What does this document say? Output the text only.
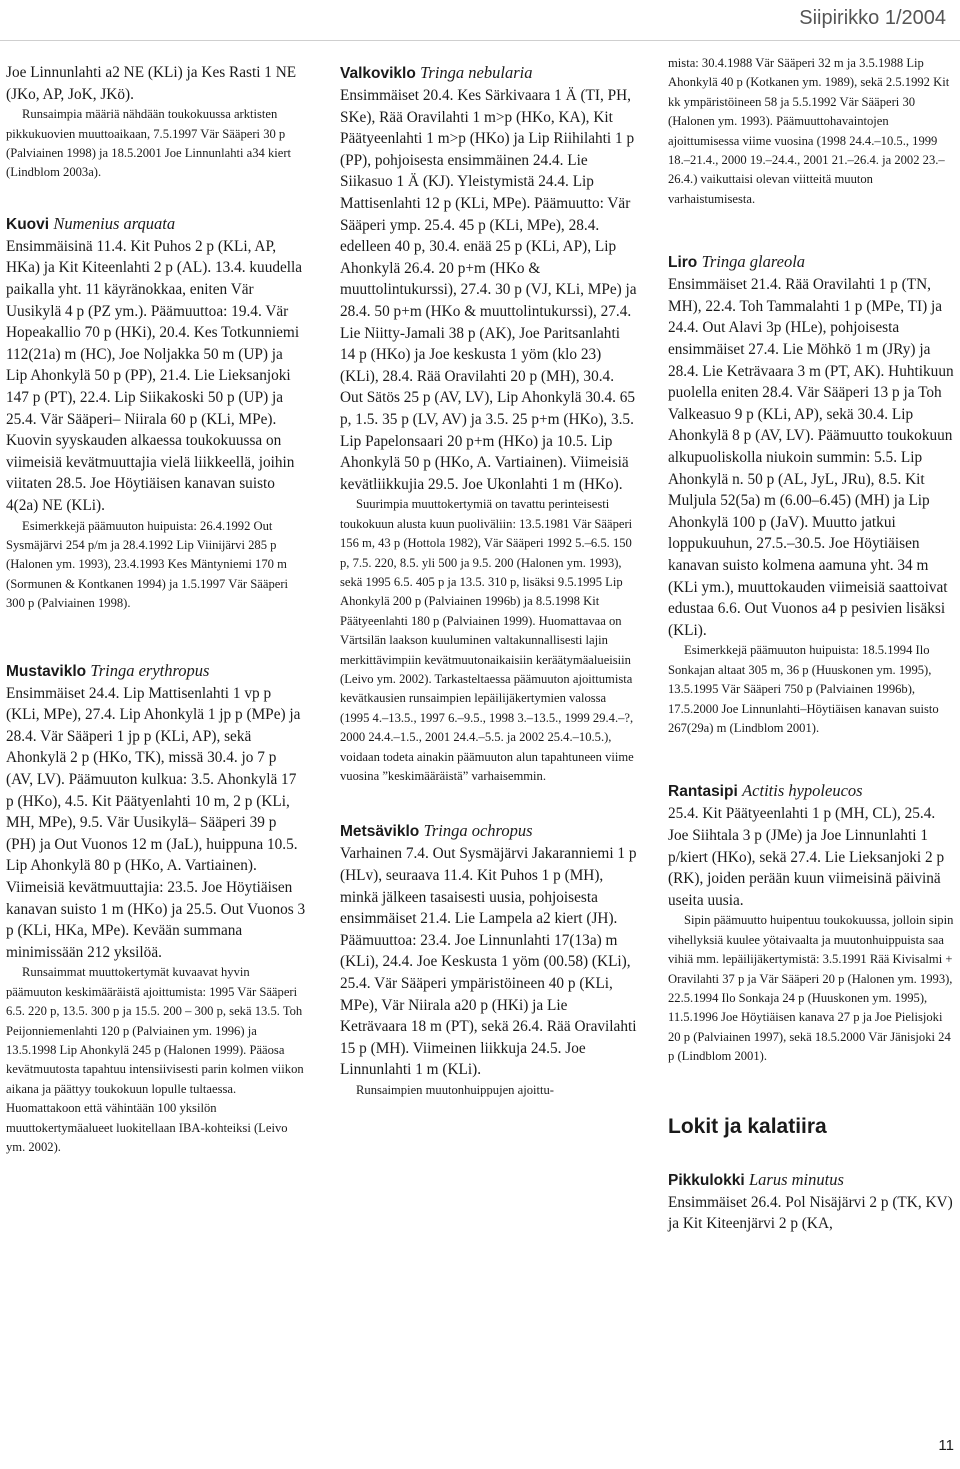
Siipirikko 1/2004

Joe Linnunlahti a2 NE (KLi) ja Kes Rasti 1 NE (JKo, AP, JoK, JKö).

Runsaimpia määriä nähdään toukokuussa arktisten pikkukuovien muuttoaikaan, 7.5.1997 Vär Sääperi 30 p (Palviainen 1998) ja 18.5.2001 Joe Linnunlahti a34 kiert (Lindblom 2003a).

Kuovi Numenius arquata

Ensimmäisinä 11.4. Kit Puhos 2 p (KLi, AP, HKa) ja Kit Kiteenlahti 2 p (AL). 13.4. kuudella paikalla yht. 11 käyränokkaa, eniten Vär Uusikylä 4 p (PZ ym.). Päämuuttoa: 19.4. Vär Hopeakallio 70 p (HKi), 20.4. Kes Totkunniemi 112(21a) m (HC), Joe Noljakka 50 m (UP) ja Lip Ahonkylä 50 p (PP), 21.4. Lie Lieksanjoki 147 p (PT), 22.4. Lip Siikakoski 50 p (UP) ja 25.4. Vär Sääperi– Niirala 60 p (KLi, MPe). Kuovin syyskauden alkaessa toukokuussa on viimeisiä kevätmuuttajia vielä liikkeellä, joihin viitaten 28.5. Joe Höytiäisen kanavan suisto 4(2a) NE (KLi).

Esimerkkejä päämuuton huipuista: 26.4.1992 Out Sysmäjärvi 254 p/m ja 28.4.1992 Lip Viinijärvi 285 p (Halonen ym. 1993), 23.4.1993 Kes Mäntyniemi 170 m (Sormunen & Kontkanen 1994) ja 1.5.1997 Vär Sääperi 300 p (Palviainen 1998).

Mustaviklo Tringa erythropus

Ensimmäiset 24.4. Lip Mattisenlahti 1 vp p (KLi, MPe), 27.4. Lip Ahonkylä 1 jp p (MPe) ja 28.4. Vär Sääperi 1 jp p (KLi, AP), sekä Ahonkylä 2 p (HKo, TK), missä 30.4. jo 7 p (AV, LV). Päämuuton kulkua: 3.5. Ahonkylä 17 p (HKo), 4.5. Kit Päätyenlahti 10 m, 2 p (KLi, MH, MPe), 9.5. Vär Uusikylä– Sääperi 39 p (PH) ja Out Vuonos 12 m (JaL), huippuna 10.5. Lip Ahonkylä 80 p (HKo, A. Vartiainen). Viimeisiä kevätmuuttajia: 23.5. Joe Höytiäisen kanavan suisto 1 m (HKo) ja 25.5. Out Vuonos 3 p (KLi, HKa, MPe). Kevään summana minimissään 212 yksilöä.

Runsaimmat muuttokertymät kuvaavat hyvin päämuuton keskimääräistä ajoittumista: 1995 Vär Sääperi 6.5. 220 p, 13.5. 300 p ja 15.5. 200 – 300 p, sekä 13.5. Toh Peijonniemenlahti 120 p (Palviainen ym. 1996) ja 13.5.1998 Lip Ahonkylä 245 p (Halonen 1999). Pääosa kevätmuutosta tapahtuu intensiivisesti parin kolmen viikon aikana ja päättyy toukokuun lopulle tultaessa. Huomattakoon että vähintään 100 yksilön muuttokertymäalueet luokitellaan IBA-kohteiksi (Leivo ym. 2002).

Valkoviklo Tringa nebularia

Ensimmäiset 20.4. Kes Särkivaara 1 Ä (TI, PH, SKe), Rää Oravilahti 1 m>p (HKo, KA), Kit Päätyeenlahti 1 m>p (HKo) ja Lip Riihilahti 1 p (PP), pohjoisesta ensimmäinen 24.4. Lie Siikasuo 1 Ä (KJ). Yleistymistä 24.4. Lip Mattisenlahti 12 p (KLi, MPe). Päämuutto: Vär Sääperi ymp. 25.4. 45 p (KLi, MPe), 28.4. edelleen 40 p, 30.4. enää 25 p (KLi, AP), Lip Ahonkylä 26.4. 20 p+m (HKo & muuttolintukurssi), 27.4. 30 p (VJ, KLi, MPe) ja 28.4. 50 p+m (HKo & muuttolintukurssi), 27.4. Lie Niitty-Jamali 38 p (AK), Joe Paritsanlahti 14 p (HKo) ja Joe keskusta 1 yöm (klo 23) (KLi), 28.4. Rää Oravilahti 20 p (MH), 30.4. Out Sätös 25 p (AV, LV), Lip Ahonkylä 30.4. 65 p, 1.5. 35 p (LV, AV) ja 3.5. 25 p+m (HKo), 3.5. Lip Papelonsaari 20 p+m (HKo) ja 10.5. Lip Ahonkylä 50 p (HKo, A. Vartiainen). Viimeisiä kevätliikkujia 29.5. Joe Ukonlahti 1 m (HKo).

Suurimpia muuttokertymiä on tavattu perinteisesti toukokuun alusta kuun puoliväliin: 13.5.1981 Vär Sääperi 156 m, 43 p (Hottola 1982), Vär Sääperi 1992 5.–6.5. 150 p, 7.5. 220, 8.5. yli 500 ja 9.5. 200 (Halonen ym. 1993), sekä 1995 6.5. 405 p ja 13.5. 310 p, lisäksi 9.5.1995 Lip Ahonkylä 200 p (Palviainen 1996b) ja 8.5.1998 Kit Päätyeenlahti 180 p (Palviainen 1999). Huomattavaa on Värtsilän laakson kuuluminen valtakunnallisesti lajin merkittävimpiin kevätmuutonaikaisiin keräätymäalueisiin (Leivo ym. 2002). Tarkasteltaessa päämuuton ajoittumista kevätkausien runsaimpien lepäilijäkertymien valossa (1995 4.–13.5., 1997 6.–9.5., 1998 3.–13.5., 1999 29.4.–?, 2000 24.4.–1.5., 2001 24.4.–5.5. ja 2002 25.4.–10.5.), voidaan todeta ainakin päämuuton alun tapahtuneen viime vuosina ”keskimääräistä” varhaisemmin.

Metsäviklo Tringa ochropus

Varhainen 7.4. Out Sysmäjärvi Jakaranniemi 1 p (HLv), seuraava 11.4. Kit Puhos 1 p (MH), minkä jälkeen tasaisesti uusia, pohjoisesta ensimmäiset 21.4. Lie Lampela a2 kiert (JH). Päämuuttoa: 23.4. Joe Linnunlahti 17(13a) m (KLi), 24.4. Joe Keskusta 1 yöm (00.58) (KLi), 25.4. Vär Sääperi ympäristöineen 40 p (KLi, MPe), Vär Niirala a20 p (HKi) ja Lie Keträvaara 18 m (PT), sekä 26.4. Rää Oravilahti 15 p (MH). Viimeinen liikkuja 24.5. Joe Linnunlahti 1 m (KLi).

Runsaimpien muutonhuippujen ajoittu-

mista: 30.4.1988 Vär Sääperi 32 m ja 3.5.1988 Lip Ahonkylä 40 p (Kotkanen ym. 1989), sekä 2.5.1992 Kit kk ympäristöineen 58 ja 5.5.1992 Vär Sääperi 30 (Halonen ym. 1993). Päämuuttohavaintojen ajoittumisessa viime vuosina (1998 24.4.–10.5., 1999 18.–21.4., 2000 19.–24.4., 2001 21.–26.4. ja 2002 23.–26.4.) vaikuttaisi olevan viitteitä muuton varhaistumisesta.

Liro Tringa glareola

Ensimmäiset 21.4. Rää Oravilahti 1 p (TN, MH), 22.4. Toh Tammalahti 1 p (MPe, TI) ja 24.4. Out Alavi 3p (HLe), pohjoisesta ensimmäiset 27.4. Lie Möhkö 1 m (JRy) ja 28.4. Lie Keträvaara 3 m (PT, AK). Huhtikuun puolella eniten 28.4. Vär Sääperi 13 p ja Toh Valkeasuo 9 p (KLi, AP), sekä 30.4. Lip Ahonkylä 8 p (AV, LV). Päämuutto toukokuun alkupuoliskolla niukoin summin: 5.5. Lip Ahonkylä n. 50 p (AL, JyL, JRu), 8.5. Kit Muljula 52(5a) m (6.00–6.45) (MH) ja Lip Ahonkylä 100 p (JaV). Muutto jatkui loppukuuhun, 27.5.–30.5. Joe Höytiäisen kanavan suisto kolmena aamuna yht. 34 m (KLi ym.), muuttokauden viimeisiä saattoivat edustaa 6.6. Out Vuonos a4 p pesivien lisäksi (KLi).

Esimerkkejä päämuuton huipuista: 18.5.1994 Ilo Sonkajan altaat 305 m, 36 p (Huuskonen ym. 1995), 13.5.1995 Vär Sääperi 750 p (Palviainen 1996b), 17.5.2000 Joe Linnunlahti–Höytiäisen kanavan suisto 267(29a) m (Lindblom 2001).

Rantasipi Actitis hypoleucos

25.4. Kit Päätyeenlahti 1 p (MH, CL), 25.4. Joe Siihtala 3 p (JMe) ja Joe Linnunlahti 1 p/kiert (HKo), sekä 27.4. Lie Lieksanjoki 2 p (RK), joiden perään kuun viimeisinä päivinä useita uusia.

Sipin päämuutto huipentuu toukokuussa, jolloin sipin vihellyksiä kuulee yötaivaalta ja muutonhuippuista saa vihiä mm. lepäilijäkertymistä: 3.5.1991 Rää Kivisalmi + Oravilahti 37 p ja Vär Sääperi 20 p (Halonen ym. 1993), 22.5.1994 Ilo Sonkaja 24 p (Huuskonen ym. 1995), 11.5.1996 Joe Höytiäisen kanava 27 p ja Joe Pielisjoki 20 p (Palviainen 1997), sekä 18.5.2000 Vär Jänisjoki 24 p (Lindblom 2001).

Lokit ja kalatiira
Pikkulokki Larus minutus

Ensimmäiset 26.4. Pol Nisäjärvi 2 p (TK, KV) ja Kit Kiteenjärvi 2 p (KA,

11
